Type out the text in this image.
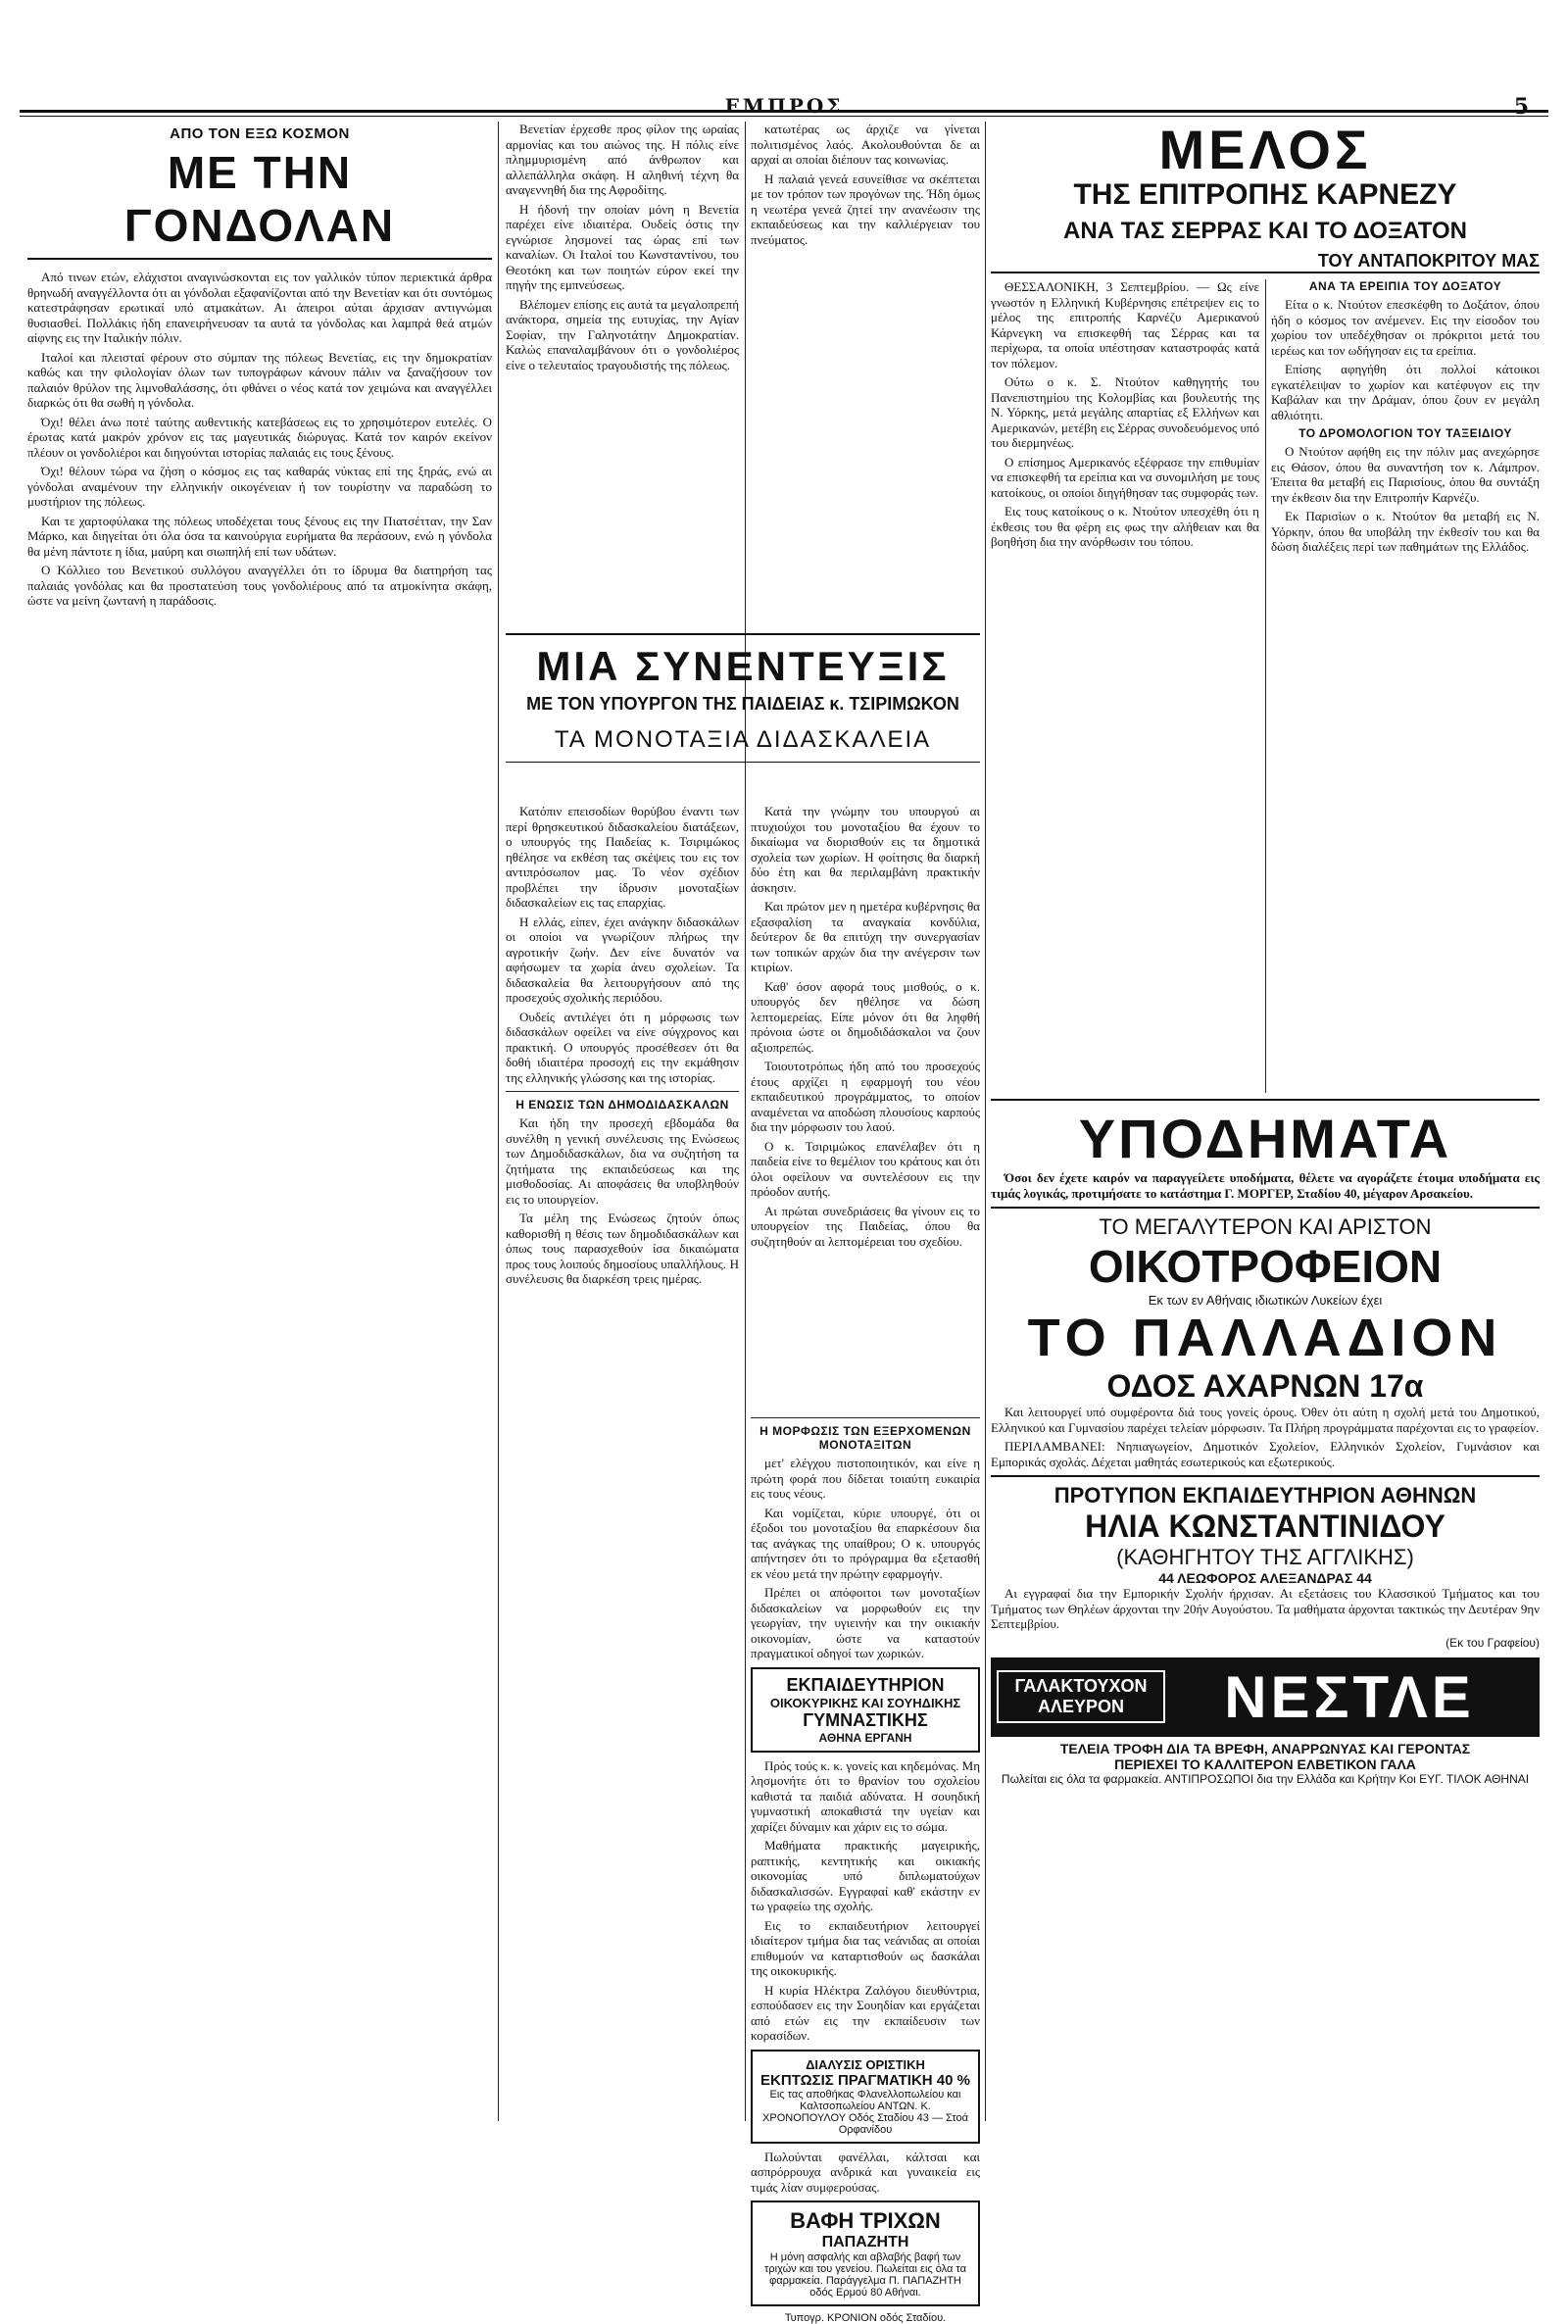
ΕΜΠΡΟΣ	5
ΑΠΟ ΤΟΝ ΕΞΩ ΚΟΣΜΟΝ
ΜΕ ΤΗΝ ΓΟΝΔΟΛΑΝ

Από τινων ετών, ελάχιστοι αναγινώσκονται εις τον γαλλικόν τύπον περιεκτικά άρθρα θρηνωδή αναγγέλλοντα ότι αι γόνδολαι εξαφανίζονται από την Βενετίαν και ότι συντόμως κατεστράφησαν ερωτικαί υπό ατμακάτων. Αι άπειροι αύται άρχισαν αντιγνώμαι θυσιασθεί. Πολλάκις ήδη επανειρήνευσαν τα αυτά τα γόνδολας και λαμπρά θεά ατμών αίφνης εις την Ιταλικήν πόλιν.

Ιταλοί και πλεισταί φέρουν στο σύμπαν της πόλεως Βενετίας, εις την δημοκρατίαν καθώς και την φιλολογίαν όλων των τυπογράφων κάνουν πάλιν να ξαναζήσουν τον παλαιόν θρύλον της λιμνοθαλάσσης, ότι φθάνει ο νέος κατά τον χειμώνα και αναγγέλλει διαρκώς ότι θα σωθή η γόνδολα.

Όχι! θέλει άνω ποτέ ταύτης αυθεντικής κατεβάσεως εις το χρησιμότερον ευτελές. Ο έρωτας κατά μακρόν χρόνον εις τας μαγευτικάς διώρυγας. Κατά τον καιρόν εκείνον πλέουν οι γονδολιέροι και διηγούνται ιστορίας παλαιάς εις τους ξένους.

Όχι! θέλουν τώρα να ζήση ο κόσμος εις τας καθαράς νύκτας επί της ξηράς, ενώ αι γόνδολαι αναμένουν την ελληνικήν οικογένειαν ή τον τουρίστην να παραδώση το μυστήριον της πόλεως.

Και τε χαρτοφύλακα της πόλεως υποδέχεται τους ξένους εις την Πιατσέτταν, την Σαν Μάρκο, και διηγείται ότι όλα όσα τα καινούργια ευρήματα θα περάσουν, ενώ η γόνδολα θα μένη πάντοτε η ίδια, μαύρη και σιωπηλή επί των υδάτων.

Ο Κόλλιεο του Βενετικού συλλόγου αναγγέλλει ότι το ίδρυμα θα διατηρήση τας παλαιάς γονδόλας και θα προστατεύση τους γονδολιέρους από τα ατμοκίνητα σκάφη, ώστε να μείνη ζωντανή η παράδοσις.

Βενετίαν έρχεσθε προς φίλον της ωραίας αρμονίας και του αιώνος της. Η πόλις είνε πλημμυρισμένη από άνθρωπον και αλλεπάλληλα σκάφη. Η αληθινή τέχνη θα αναγεννηθή δια της Αφροδίτης.

Η ήδονή την οποίαν μόνη η Βενετία παρέχει είνε ιδιαιτέρα. Ουδείς όστις την εγνώρισε λησμονεί τας ώρας επί των καναλίων. Οι Ιταλοί του Κωνσταντίνου, του Θεοτόκη και των ποιητών εύρον εκεί την πηγήν της εμπνεύσεως.

Βλέπομεν επίσης εις αυτά τα μεγαλοπρεπή ανάκτορα, σημεία της ευτυχίας, την Αγίαν Σοφίαν, την Γαληνοτάτην Δημοκρατίαν. Καλώς επαναλαμβάνουν ότι ο γονδολιέρος είνε ο τελευταίος τραγουδιστής της πόλεως.

ΜΙΑ ΣΥΝΕΝΤΕΥΞΙΣ
ΜΕ ΤΟΝ ΥΠΟΥΡΓΟΝ ΤΗΣ ΠΑΙΔΕΙΑΣ κ. ΤΣΙΡΙΜΩΚΟΝ
ΤΑ ΜΟΝΟΤΑΞΙΑ ΔΙΔΑΣΚΑΛΕΙΑ

Κατόπιν επεισοδίων θορύβου έναντι των περί θρησκευτικού διδασκαλείου διατάξεων, ο υπουργός της Παιδείας κ. Τσιριμώκος ηθέλησε να εκθέση τας σκέψεις του εις τον αντιπρόσωπον μας. Το νέον σχέδιον προβλέπει την ίδρυσιν μονοταξίων διδασκαλείων εις τας επαρχίας.

Η ελλάς, είπεν, έχει ανάγκην διδασκάλων οι οποίοι να γνωρίζουν πλήρως την αγροτικήν ζωήν. Δεν είνε δυνατόν να αφήσωμεν τα χωρία άνευ σχολείων. Τα διδασκαλεία θα λειτουργήσουν από της προσεχούς σχολικής περιόδου.

Ουδείς αντιλέγει ότι η μόρφωσις των διδασκάλων οφείλει να είνε σύγχρονος και πρακτική. Ο υπουργός προσέθεσεν ότι θα δοθή ιδιαιτέρα προσοχή εις την εκμάθησιν της ελληνικής γλώσσης και της ιστορίας.

Η ΕΝΩΣΙΣ ΤΩΝ ΔΗΜΟΔΙΔΑΣΚΑΛΩΝ

Και ήδη την προσεχή εβδομάδα θα συνέλθη η γενική συνέλευσις της Ενώσεως των Δημοδιδασκάλων, δια να συζητήση τα ζητήματα της εκπαιδεύσεως και της μισθοδοσίας. Αι αποφάσεις θα υποβληθούν εις το υπουργείον.

Τα μέλη της Ενώσεως ζητούν όπως καθορισθή η θέσις των δημοδιδασκάλων και όπως τους παρασχεθούν ίσα δικαιώματα προς τους λοιπούς δημοσίους υπαλλήλους. Η συνέλευσις θα διαρκέση τρεις ημέρας.

κατωτέρας ως άρχιζε να γίνεται πολιτισμένος λαός. Ακολουθούνται δε αι αρχαί αι οποίαι διέπουν τας κοινωνίας.

Η παλαιά γενεά εσυνείθισε να σκέπτεται με τον τρόπον των προγόνων της. Ήδη όμως η νεωτέρα γενεά ζητεί την ανανέωσιν της εκπαιδεύσεως και την καλλιέργειαν του πνεύματος.

Κατά την γνώμην του υπουργού αι πτυχιούχοι του μονοταξίου θα έχουν το δικαίωμα να διορισθούν εις τα δημοτικά σχολεία των χωρίων. Η φοίτησις θα διαρκή δύο έτη και θα περιλαμβάνη πρακτικήν άσκησιν.

Και πρώτον μεν η ημετέρα κυβέρνησις θα εξασφαλίση τα αναγκαία κονδύλια, δεύτερον δε θα επιτύχη την συνεργασίαν των τοπικών αρχών δια την ανέγερσιν των κτιρίων.

Καθ' όσον αφορά τους μισθούς, ο κ. υπουργός δεν ηθέλησε να δώση λεπτομερείας. Είπε μόνον ότι θα ληφθή πρόνοια ώστε οι δημοδιδάσκαλοι να ζουν αξιοπρεπώς.

Τοιουτοτρόπως ήδη από του προσεχούς έτους αρχίζει η εφαρμογή του νέου εκπαιδευτικού προγράμματος, το οποίον αναμένεται να αποδώση πλουσίους καρπούς δια την μόρφωσιν του λαού.

Ο κ. Τσιριμώκος επανέλαβεν ότι η παιδεία είνε το θεμέλιον του κράτους και ότι όλοι οφείλουν να συντελέσουν εις την πρόοδον αυτής.

Αι πρώται συνεδριάσεις θα γίνουν εις το υπουργείον της Παιδείας, όπου θα συζητηθούν αι λεπτομέρειαι του σχεδίου.

ΜΕΛΟΣ
ΤΗΣ ΕΠΙΤΡΟΠΗΣ ΚΑΡΝΕΖΥ
ΑΝΑ ΤΑΣ ΣΕΡΡΑΣ ΚΑΙ ΤΟ ΔΟΞΑΤΟΝ
ΤΟΥ ΑΝΤΑΠΟΚΡΙΤΟΥ ΜΑΣ

ΘΕΣΣΑΛΟΝΙΚΗ, 3 Σεπτεμβρίου. — Ως είνε γνωστόν η Ελληνική Κυβέρνησις επέτρεψεν εις το μέλος της επιτροπής Καρνέζυ Αμερικανού Κάρνεγκη να επισκεφθή τας Σέρρας και τα περίχωρα, τα οποία υπέστησαν καταστροφάς κατά τον πόλεμον.

Ούτω ο κ. Σ. Ντούτον καθηγητής του Πανεπιστημίου της Κολομβίας και βουλευτής της Ν. Υόρκης, μετά μεγάλης απαρτίας εξ Ελλήνων και Αμερικανών, μετέβη εις Σέρρας συνοδευόμενος υπό του διερμηνέως.

Ο επίσημος Αμερικανός εξέφρασε την επιθυμίαν να επισκεφθή τα ερείπια και να συνομιλήση με τους κατοίκους, οι οποίοι διηγήθησαν τας συμφοράς των.

Εις τους κατοίκους ο κ. Ντούτον υπεσχέθη ότι η έκθεσις του θα φέρη εις φως την αλήθειαν και θα βοηθήση δια την ανόρθωσιν του τόπου.

ΑΝΑ ΤΑ ΕΡΕΙΠΙΑ ΤΟΥ ΔΟΞΑΤΟΥ

Είτα ο κ. Ντούτον επεσκέφθη το Δοξάτον, όπου ήδη ο κόσμος τον ανέμενεν. Εις την είσοδον του χωρίου τον υπεδέχθησαν οι πρόκριτοι μετά του ιερέως και τον ωδήγησαν εις τα ερείπια.

Επίσης αφηγήθη ότι πολλοί κάτοικοι εγκατέλειψαν το χωρίον και κατέφυγον εις την Καβάλαν και την Δράμαν, όπου ζουν εν μεγάλη αθλιότητι.

ΤΟ ΔΡΟΜΟΛΟΓΙΟΝ ΤΟΥ ΤΑΞΕΙΔΙΟΥ

Ο Ντούτον αφήθη εις την πόλιν μας ανεχώρησε εις Θάσον, όπου θα συναντήση τον κ. Λάμπρον. Έπειτα θα μεταβή εις Παρισίους, όπου θα συντάξη την έκθεσιν δια την Επιτροπήν Καρνέζυ.

Εκ Παρισίων ο κ. Ντούτον θα μεταβή εις Ν. Υόρκην, όπου θα υποβάλη την έκθεσίν του και θα δώση διαλέξεις περί των παθημάτων της Ελλάδος.

ΥΠΟΔΗΜΑΤΑ

Όσοι δεν έχετε καιρόν να παραγγείλετε υποδήματα, θέλετε να αγοράζετε έτοιμα υποδήματα εις τιμάς λογικάς, προτιμήσατε το κατάστημα Γ. ΜΟΡΓΕΡ, Σταδίου 40, μέγαρον Αρσακείου.

ΤΟ ΜΕΓΑΛΥΤΕΡΟΝ ΚΑΙ ΑΡΙΣΤΟΝ
ΟΙΚΟΤΡΟΦΕΙΟΝ
Εκ των εν Αθήναις ιδιωτικών Λυκείων έχει
ΤΟ ΠΑΛΛΑΔΙΟΝ
ΟΔΟΣ ΑΧΑΡΝΩΝ 17α

Και λειτουργεί υπό συμφέροντα διά τους γονείς όρους. Όθεν ότι αύτη η σχολή μετά του Δημοτικού, Ελληνικού και Γυμνασίου παρέχει τελείαν μόρφωσιν. Τα Πλήρη προγράμματα παρέχονται εις το γραφείον.

ΠΕΡΙΛΑΜΒΑΝΕΙ: Νηπιαγωγείον, Δημοτικόν Σχολείον, Ελληνικόν Σχολείον, Γυμνάσιον και Εμπορικάς σχολάς. Δέχεται μαθητάς εσωτερικούς και εξωτερικούς.

ΠΡΟΤΥΠΟΝ ΕΚΠΑΙΔΕΥΤΗΡΙΟΝ ΑΘΗΝΩΝ
ΗΛΙΑ ΚΩΝΣΤΑΝΤΙΝΙΔΟΥ
(ΚΑΘΗΓΗΤΟΥ ΤΗΣ ΑΓΓΛΙΚΗΣ)
44 ΛΕΩΦΟΡΟΣ ΑΛΕΞΑΝΔΡΑΣ 44

Αι εγγραφαί δια την Εμπορικήν Σχολήν ήρχισαν. Αι εξετάσεις του Κλασσικού Τμήματος και του Τμήματος των Θηλέων άρχονται την 20ήν Αυγούστου. Τα μαθήματα άρχονται τακτικώς την Δευτέραν 9ην Σεπτεμβρίου.

(Εκ του Γραφείου)
ΓΑΛΑΚΤΟΥΧΟΝ ΑΛΕΥΡΟΝ	ΝΕΣΤΛΕ
ΤΕΛΕΙΑ ΤΡΟΦΗ ΔΙΑ ΤΑ ΒΡΕΦΗ, ΑΝΑΡΡΩΝΥΑΣ ΚΑΙ ΓΕΡΟΝΤΑΣ
ΠΕΡΙΕΧΕΙ ΤΟ ΚΑΛΛΙΤΕΡΟΝ ΕΛΒΕΤΙΚΟΝ ΓΑΛΑ
Πωλείται εις όλα τα φαρμακεία. ΑΝΤΙΠΡΟΣΩΠΟΙ δια την Ελλάδα και Κρήτην Κοι ΕΥΓ. ΤΙΛΟΚ ΑΘΗΝΑΙ
Η ΜΟΡΦΩΣΙΣ ΤΩΝ ΕΞΕΡΧΟΜΕΝΩΝ ΜΟΝΟΤΑΞΙΤΩΝ

μετ' ελέγχου πιστοποιητικόν, και είνε η πρώτη φορά που δίδεται τοιαύτη ευκαιρία εις τους νέους.

Και νομίζεται, κύριε υπουργέ, ότι οι έξοδοι του μονοταξίου θα επαρκέσουν δια τας ανάγκας της υπαίθρου; Ο κ. υπουργός απήντησεν ότι το πρόγραμμα θα εξετασθή εκ νέου μετά την πρώτην εφαρμογήν.

Πρέπει οι απόφοιτοι των μονοταξίων διδασκαλείων να μορφωθούν εις την γεωργίαν, την υγιεινήν και την οικιακήν οικονομίαν, ώστε να καταστούν πραγματικοί οδηγοί των χωρικών.

ΕΚΠΑΙΔΕΥΤΗΡΙΟΝ
ΟΙΚΟΚΥΡΙΚΗΣ ΚΑΙ ΣΟΥΗΔΙΚΗΣ
ΓΥΜΝΑΣΤΙΚΗΣ
ΑΘΗΝΑ ΕΡΓΑΝΗ

Πρός τούς κ. κ. γονείς και κηδεμόνας. Μη λησμονήτε ότι το θρανίον του σχολείου καθιστά τα παιδιά αδύνατα. Η σουηδική γυμναστική αποκαθιστά την υγείαν και χαρίζει δύναμιν και χάριν εις το σώμα.

Μαθήματα πρακτικής μαγειρικής, ραπτικής, κεντητικής και οικιακής οικονομίας υπό διπλωματούχων διδασκαλισσών. Εγγραφαί καθ' εκάστην εν τω γραφείω της σχολής.

Εις το εκπαιδευτήριον λειτουργεί ιδιαίτερον τμήμα δια τας νεάνιδας αι οποίαι επιθυμούν να καταρτισθούν ως δασκάλαι της οικοκυρικής.

Η κυρία Ηλέκτρα Ζαλόγου διευθύντρια, εσπούδασεν εις την Σουηδίαν και εργάζεται από ετών εις την εκπαίδευσιν των κορασίδων.

ΔΙΑΛΥΣΙΣ ΟΡΙΣΤΙΚΗ
ΕΚΠΤΩΣΙΣ ΠΡΑΓΜΑΤΙΚΗ 40 %
Εις τας αποθήκας Φλανελλοπωλείου και Καλτσοπωλείου ΑΝΤΩΝ. Κ. ΧΡΟΝΟΠΟΥΛΟΥ Οδός Σταδίου 43 — Στοά Ορφανίδου

Πωλούνται φανέλλαι, κάλτσαι και ασπρόρρουχα ανδρικά και γυναικεία εις τιμάς λίαν συμφερούσας.

ΒΑΦΗ ΤΡΙΧΩΝ
ΠΑΠΑΖΗΤΗ
Η μόνη ασφαλής και αβλαβής βαφή των τριχών και του γενείου. Πωλείται εις όλα τα φαρμακεία. Παράγγελμα Π. ΠΑΠΑΖΗΤΗ οδός Ερμού 80 Αθήναι.
Τυπογρ. ΚΡΟΝΙΟΝ οδός Σταδίου.
